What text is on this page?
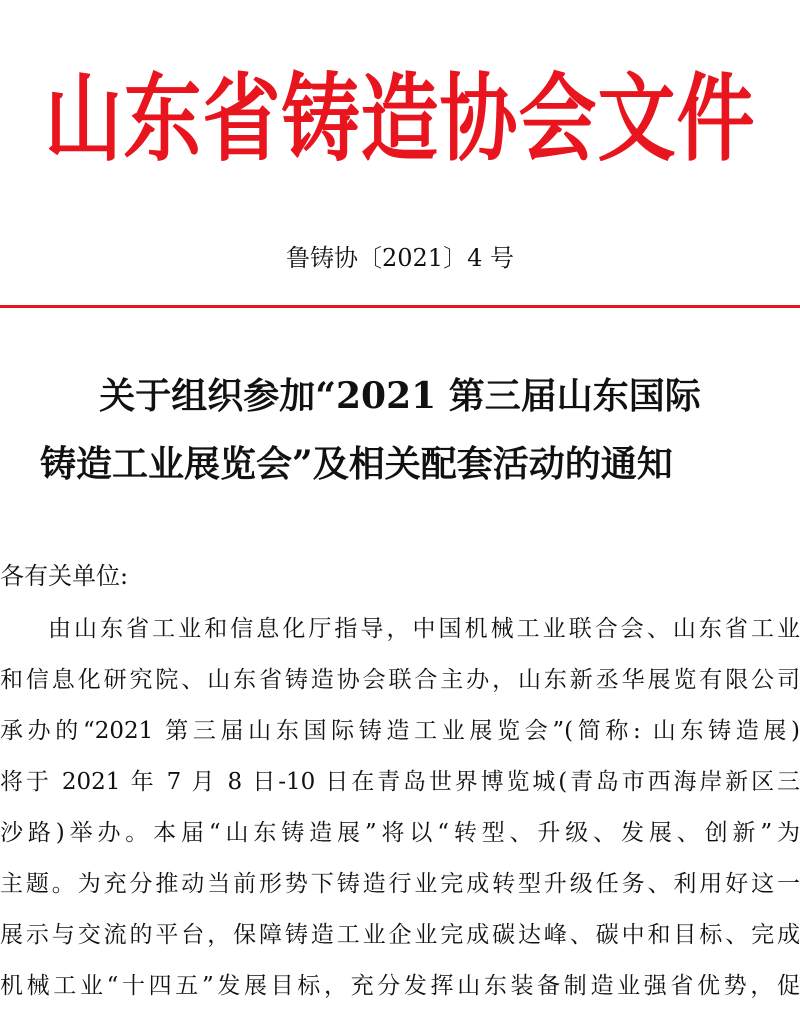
山东省铸造协会文件
鲁铸协〔2021〕4 号
关于组织参加“2021 第三届山东国际
铸造工业展览会”及相关配套活动的通知
各有关单位:
由山东省工业和信息化厅指导，中国机械工业联合会、山东省工业
和信息化研究院、山东省铸造协会联合主办，山东新丞华展览有限公司
承办的“2021 第三届山东国际铸造工业展览会”(简称: 山东铸造展)
将于 2021 年 7 月 8 日-10 日在青岛世界博览城(青岛市西海岸新区三
沙路)举办。本届“山东铸造展”将以“转型、升级、发展、创新”为
主题。为充分推动当前形势下铸造行业完成转型升级任务、利用好这一
展示与交流的平台，保障铸造工业企业完成碳达峰、碳中和目标、完成
机械工业“十四五”发展目标，充分发挥山东装备制造业强省优势，促
